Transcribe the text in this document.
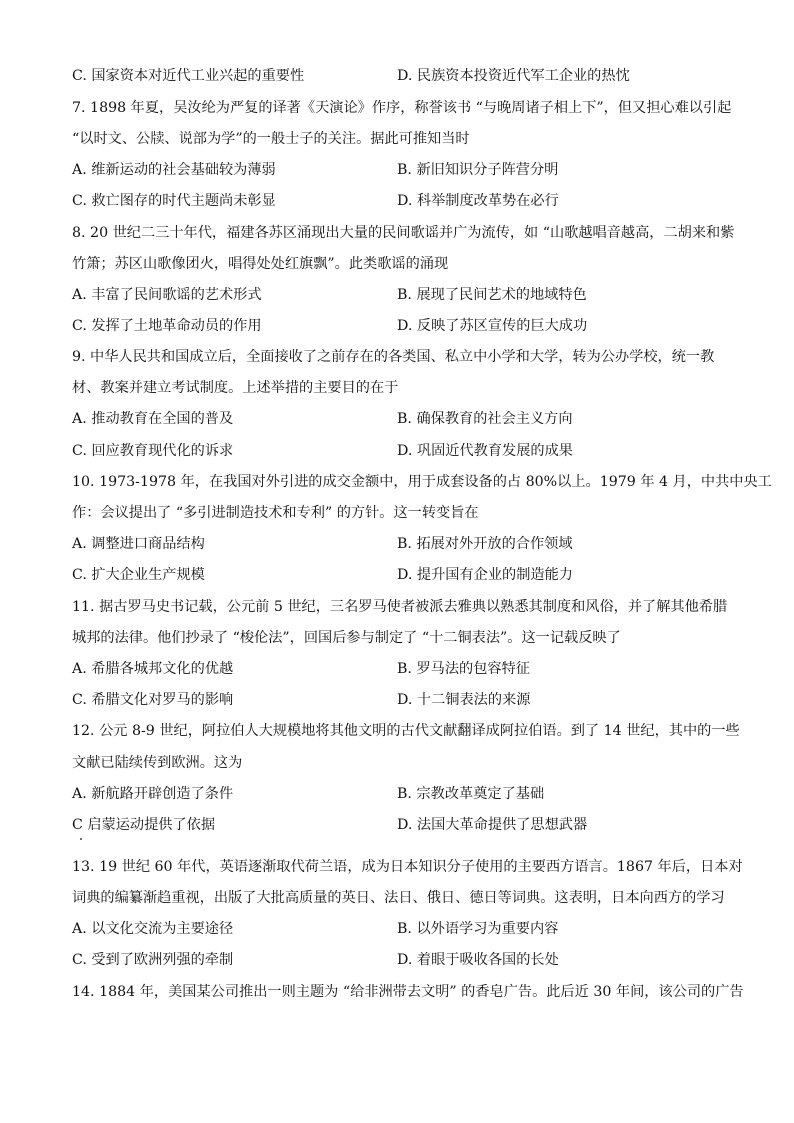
C. 国家资本对近代工业兴起的重要性	D. 民族资本投资近代军工企业的热忱
7. 1898 年夏，吴汝纶为严复的译著《天演论》作序，称誉该书 “与晚周诸子相上下”，但又担心难以引起
“以时文、公牍、说部为学”的一般士子的关注。据此可推知当时
A. 维新运动的社会基础较为薄弱	B. 新旧知识分子阵营分明
C. 救亡图存的时代主题尚未彰显	D. 科举制度改革势在必行
8. 20 世纪二三十年代，福建各苏区涌现出大量的民间歌谣并广为流传，如 “山歌越唱音越高，二胡来和紫
竹箫；苏区山歌像团火，唱得处处红旗飘”。此类歌谣的涌现
A. 丰富了民间歌谣的艺术形式	B. 展现了民间艺术的地域特色
C. 发挥了土地革命动员的作用	D. 反映了苏区宣传的巨大成功
9. 中华人民共和国成立后，全面接收了之前存在的各类国、私立中小学和大学，转为公办学校，统一教
材、教案并建立考试制度。上述举措的主要目的在于
A. 推动教育在全国的普及	B. 确保教育的社会主义方向
C. 回应教育现代化的诉求	D. 巩固近代教育发展的成果
10. 1973-1978 年，在我国对外引进的成交金额中，用于成套设备的占 80%以上。1979 年 4 月，中共中央工
作：会议提出了 “多引进制造技术和专利” 的方针。这一转变旨在
A. 调整进口商品结构	B. 拓展对外开放的合作领域
C. 扩大企业生产规模	D. 提升国有企业的制造能力
11. 据古罗马史书记载，公元前 5 世纪，三名罗马使者被派去雅典以熟悉其制度和风俗，并了解其他希腊
城邦的法律。他们抄录了 “梭伦法”，回国后参与制定了 “十二铜表法”。这一记载反映了
A. 希腊各城邦文化的优越	B. 罗马法的包容特征
C. 希腊文化对罗马的影响	D. 十二铜表法的来源
12. 公元 8-9 世纪，阿拉伯人大规模地将其他文明的古代文献翻译成阿拉伯语。到了 14 世纪，其中的一些
文献已陆续传到欧洲。这为
A. 新航路开辟创造了条件	B. 宗教改革奠定了基础
C 启蒙运动提供了依据	D. 法国大革命提供了思想武器
13. 19 世纪 60 年代，英语逐渐取代荷兰语，成为日本知识分子使用的主要西方语言。1867 年后，日本对
词典的编纂渐趋重视，出版了大批高质量的英日、法日、俄日、德日等词典。这表明，日本向西方的学习
A. 以文化交流为主要途径	B. 以外语学习为重要内容
C. 受到了欧洲列强的牵制	D. 着眼于吸收各国的长处
14. 1884 年，美国某公司推出一则主题为 “给非洲带去文明” 的香皂广告。此后近 30 年间，该公司的广告
